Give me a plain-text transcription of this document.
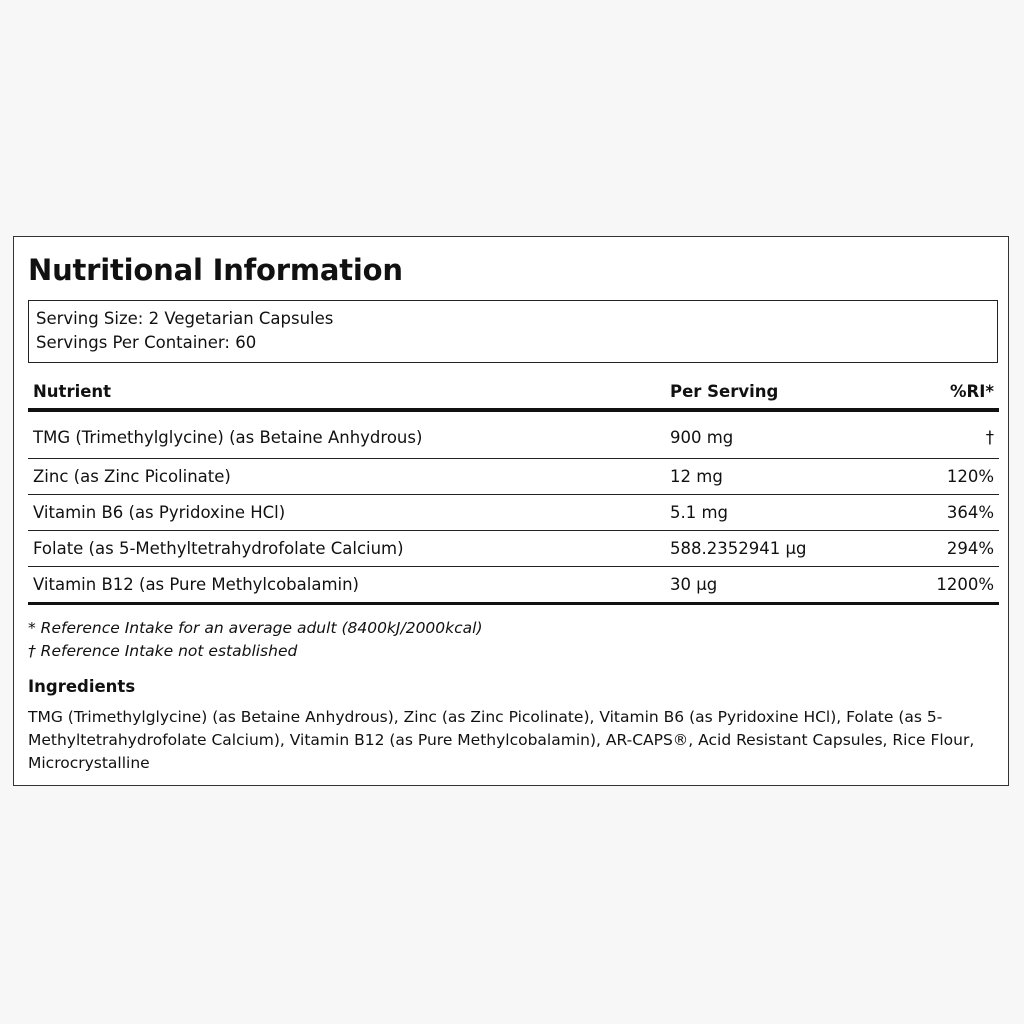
Nutritional Information
Serving Size: 2 Vegetarian Capsules
Servings Per Container: 60
Nutrient	Per Serving	%RI*
TMG (Trimethylglycine) (as Betaine Anhydrous)	900 mg	†
Zinc (as Zinc Picolinate)	12 mg	120%
Vitamin B6 (as Pyridoxine HCl)	5.1 mg	364%
Folate (as 5-Methyltetrahydrofolate Calcium)	588.2352941 µg	294%
Vitamin B12 (as Pure Methylcobalamin)	30 µg	1200%
* Reference Intake for an average adult (8400kJ/2000kcal)
† Reference Intake not established
Ingredients

TMG (Trimethylglycine) (as Betaine Anhydrous), Zinc (as Zinc Picolinate), Vitamin B6 (as Pyridoxine HCl), Folate (as 5-Methyltetrahydrofolate Calcium), Vitamin B12 (as Pure Methylcobalamin), AR-CAPS®, Acid Resistant Capsules, Rice Flour, Microcrystalline
